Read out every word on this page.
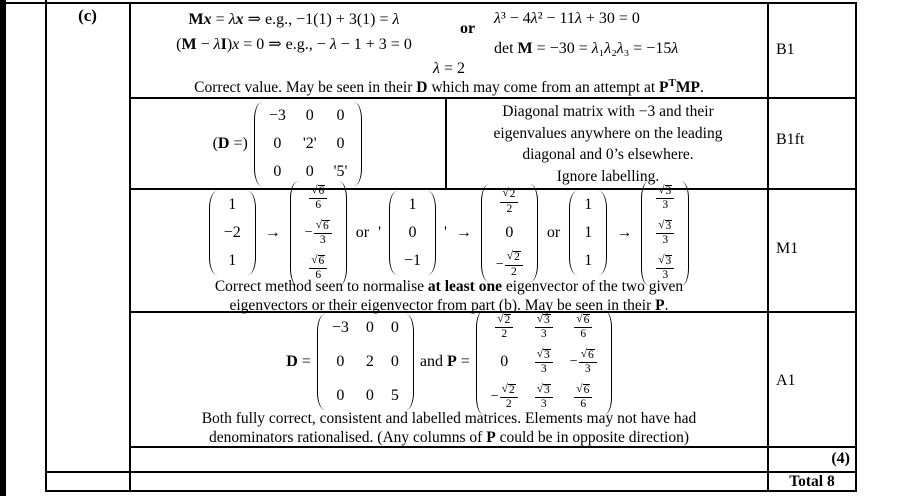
(c)	Mx = λx ⇒ e.g., −1(1) + 3(1) = λ
(M − λI)x = 0 ⇒ e.g., − λ − 1 + 3 = 0
or
λ³ − 4λ² − 11λ + 30 = 0
det M = −30 = λ₁λ₂λ₃ = −15λ
λ = 2
Correct value. May be seen in their D which may come from an attempt at $P^TMP$.
B1
(D =)
−3 0 0
0 '2' 0
0 0 '5'
Diagonal matrix with −3 and their
eigenvalues anywhere on the leading
diagonal and 0’s elsewhere.
Ignore labelling.
B1ft
1
−2
1
→
$\frac{√ 6}{6}$
− $\frac{√ 6}{3}$
$\frac{√ 6}{6}$
or '
1
0
−1
' →
$\frac{√ 2}{2}$
0
− $\frac{√ 2}{2}$
or
1
1
1
→
$\frac{√ 3}{3}$
$\frac{√ 3}{3}$
$\frac{√ 3}{3}$
Correct method seen to normalise at least one eigenvector of the two given
eigenvectors or their eigenvector from part (b). May be seen in their P.
M1
D =
−3 0 0
0 2 0
0 0 5
and P =
$\frac{√ 2}{2} \frac{√ 3}{3} \frac{√ 6}{6}$
$0 \frac{√ 3}{3} - \frac{√ 6}{3}$
− $\frac{√ 2}{2} \frac{√ 3}{3} \frac{√ 6}{6}$
Both fully correct, consistent and labelled matrices. Elements may not have had
denominators rationalised. (Any columns of P could be in opposite direction)
A1
(4)
Total 8
